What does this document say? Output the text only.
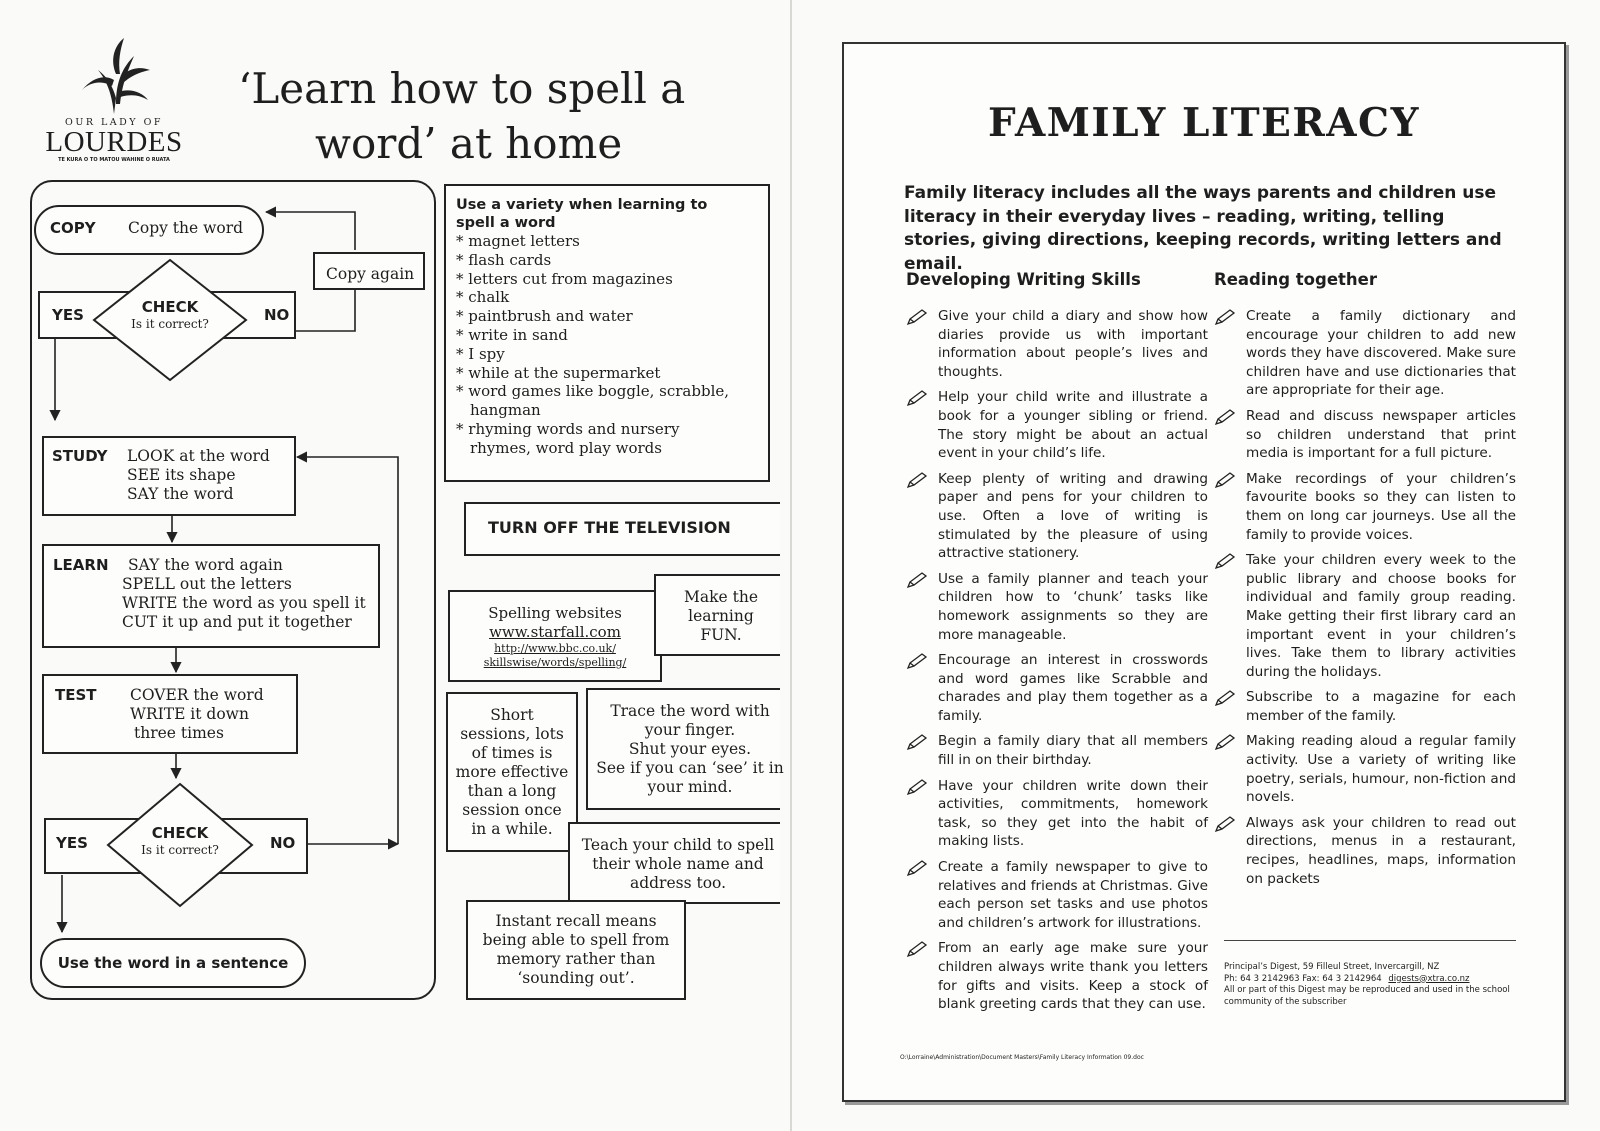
OUR LADY OF
LOURDES
TE KURA O TO MATOU WAHINE O RUATA
‘Learn how to spell a
word’ at home
COPY Copy the word
Copy again
YES	NO
CHECK
Is it correct?
STUDY LOOK at the word
SEE its shape
SAY the word
LEARN	SAY the word again
SPELL out the letters
WRITE the word as you spell it
CUT it up and put it together
TEST COVER the word
WRITE it down
three times
YES	NO
CHECK
Is it correct?
Use the word in a sentence
Use a variety when learning to
spell a word
* magnet letters
* flash cards
* letters cut from magazines
* chalk
* paintbrush and water
* write in sand
* I spy
* while at the supermarket
* word games like boggle, scrabble,
hangman
* rhyming words and nursery
rhymes, word play words
TURN OFF THE TELEVISION
Spelling websites
www.starfall.com
http://www.bbc.co.uk/
skillswise/words/spelling/
Make the
learning
FUN.
Short
sessions, lots
of times is
more effective
than a long
session once
in a while.
Trace the word with
your finger.
Shut your eyes.
See if you can ‘see’ it in
your mind.
Teach your child to spell
their whole name and
address too.
Instant recall means
being able to spell from
memory rather than
‘sounding out’.
FAMILY LITERACY
Family literacy includes all the ways parents and children use literacy in their everyday lives – reading, writing, telling stories, giving directions, keeping records, writing letters and email.
Developing Writing Skills
Give your child a diary and show how diaries provide us with important information about people’s lives and thoughts.
Help your child write and illustrate a book for a younger sibling or friend. The story might be about an actual event in your child’s life.
Keep plenty of writing and drawing paper and pens for your children to use. Often a love of writing is stimulated by the pleasure of using attractive stationery.
Use a family planner and teach your children how to ‘chunk’ tasks like homework assignments so they are more manageable.
Encourage an interest in crosswords and word games like Scrabble and charades and play them together as a family.
Begin a family diary that all members fill in on their birthday.
Have your children write down their activities, commitments, homework task, so they get into the habit of making lists.
Create a family newspaper to give to relatives and friends at Christmas. Give each person set tasks and use photos and children’s artwork for illustrations.
From an early age make sure your children always write thank you letters for gifts and visits. Keep a stock of blank greeting cards that they can use.
Reading together
Create a family dictionary and encourage your children to add new words they have discovered. Make sure children have and use dictionaries that are appropriate for their age.
Read and discuss newspaper articles so children understand that print media is important for a full picture.
Make recordings of your children’s favourite books so they can listen to them on long car journeys. Use all the family to provide voices.
Take your children every week to the public library and choose books for individual and family group reading. Make getting their first library card an important event in your children’s lives. Take them to library activities during the holidays.
Subscribe to a magazine for each member of the family.
Making reading aloud a regular family activity. Use a variety of writing like poetry, serials, humour, non-fiction and novels.
Always ask your children to read out directions, menus in a restaurant, recipes, headlines, maps, information on packets
Principal’s Digest, 59 Filleul Street, Invercargill, NZ
Ph: 64 3 2142963 Fax: 64 3 2142964 digests@xtra.co.nz
All or part of this Digest may be reproduced and used in the school
community of the subscriber
O:\Lorraine\Administration\Document Masters\Family Literacy Information 09.doc
